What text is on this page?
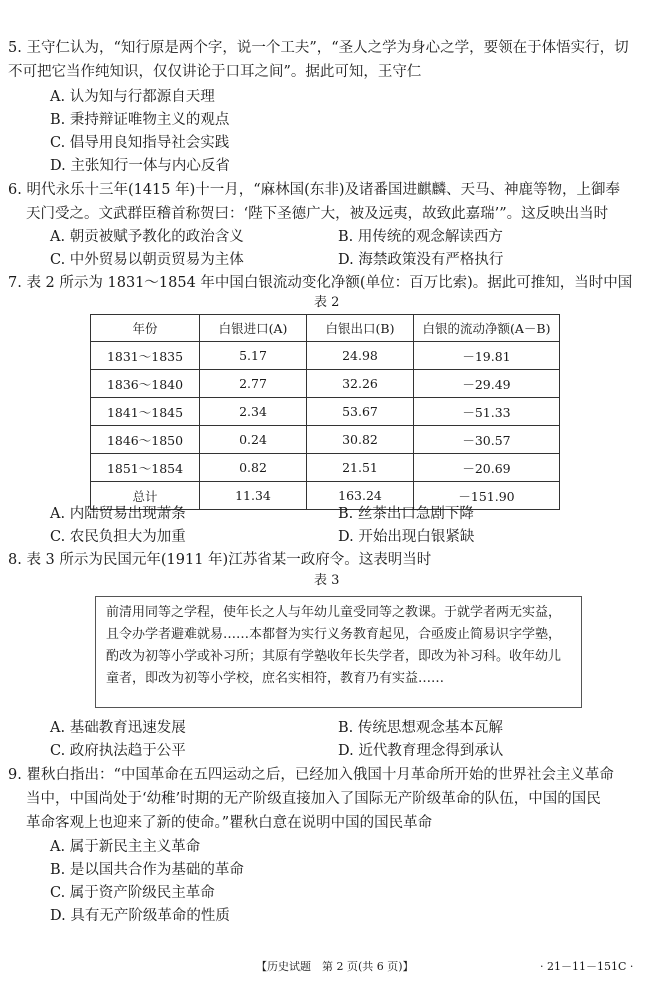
5. 王守仁认为，“知行原是两个字，说一个工夫”，“圣人之学为身心之学，要领在于体悟实行，切
不可把它当作纯知识，仅仅讲论于口耳之间”。据此可知，王守仁
A. 认为知与行都源自天理
B. 秉持辩证唯物主义的观点
C. 倡导用良知指导社会实践
D. 主张知行一体与内心反省
6. 明代永乐十三年(1415 年)十一月，“麻林国(东非)及诸番国进麒麟、天马、神鹿等物，上御奉
天门受之。文武群臣稽首称贺曰：‘陛下圣德广大，被及远夷，故致此嘉瑞’”。这反映出当时
A. 朝贡被赋予教化的政治含义	B. 用传统的观念解读西方
C. 中外贸易以朝贡贸易为主体	D. 海禁政策没有严格执行
7. 表 2 所示为 1831～1854 年中国白银流动变化净额(单位：百万比索)。据此可推知，当时中国
表 2
年份	白银进口(A)	白银出口(B)	白银的流动净额(A－B)
1831～1835	5.17	24.98	－19.81
1836～1840	2.77	32.26	－29.49
1841～1845	2.34	53.67	－51.33
1846～1850	0.24	30.82	－30.57
1851～1854	0.82	21.51	－20.69
总计	11.34	163.24	－151.90
A. 内陆贸易出现萧条	B. 丝茶出口急剧下降
C. 农民负担大为加重	D. 开始出现白银紧缺
8. 表 3 所示为民国元年(1911 年)江苏省某一政府令。这表明当时
表 3

前清用同等之学程，使年长之人与年幼儿童受同等之教课。于就学者两无实益，

且令办学者避难就易……本都督为实行义务教育起见，合亟废止简易识字学塾，

酌改为初等小学或补习所；其原有学塾收年长失学者，即改为补习科。收年幼儿

童者，即改为初等小学校，庶名实相符，教育乃有实益……

A. 基础教育迅速发展	B. 传统思想观念基本瓦解
C. 政府执法趋于公平	D. 近代教育理念得到承认
9. 瞿秋白指出：“中国革命在五四运动之后，已经加入俄国十月革命所开始的世界社会主义革命
当中，中国尚处于‘幼稚’时期的无产阶级直接加入了国际无产阶级革命的队伍，中国的国民
革命客观上也迎来了新的使命。”瞿秋白意在说明中国的国民革命
A. 属于新民主主义革命
B. 是以国共合作为基础的革命
C. 属于资产阶级民主革命
D. 具有无产阶级革命的性质
【历史试题　第 2 页(共 6 页)】	· 21－11－151C ·
